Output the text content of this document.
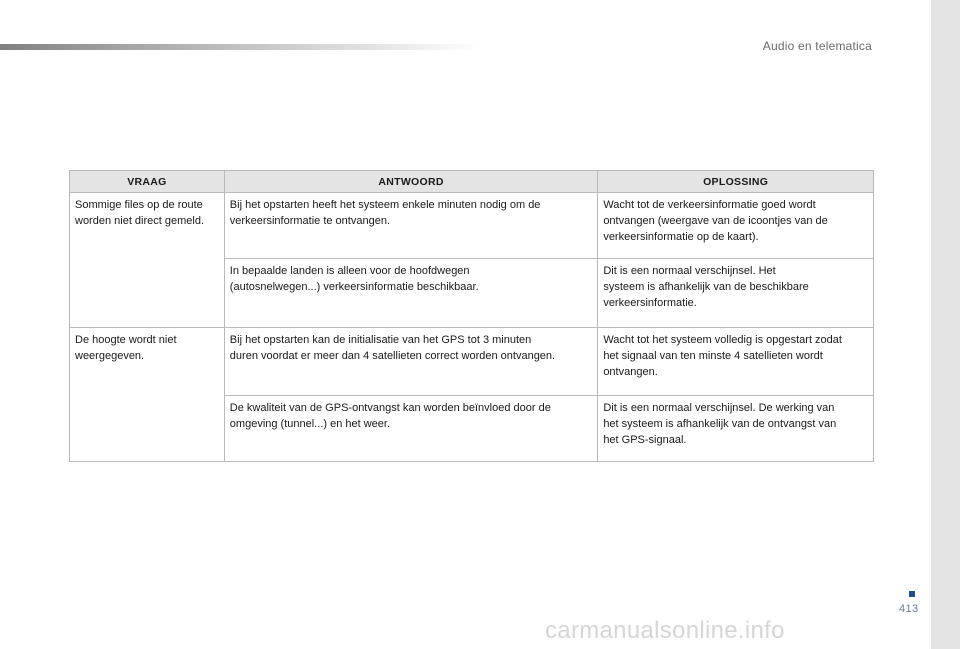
Audio en telematica
VRAAG	ANTWOORD	OPLOSSING

Sommige files op de route
worden niet direct gemeld.	Bij het opstarten heeft het systeem enkele minuten nodig om de
verkeersinformatie te ontvangen.	Wacht tot de verkeersinformatie goed wordt
ontvangen (weergave van de icoontjes van de
verkeersinformatie op de kaart).

	In bepaalde landen is alleen voor de hoofdwegen
(autosnelwegen...) verkeersinformatie beschikbaar.	Dit is een normaal verschijnsel. Het
systeem is afhankelijk van de beschikbare
verkeersinformatie.

De hoogte wordt niet
weergegeven.	Bij het opstarten kan de initialisatie van het GPS tot 3 minuten
duren voordat er meer dan 4 satellieten correct worden ontvangen.	Wacht tot het systeem volledig is opgestart zodat
het signaal van ten minste 4 satellieten wordt
ontvangen.

	De kwaliteit van de GPS-ontvangst kan worden beïnvloed door de
omgeving (tunnel...) en het weer.	Dit is een normaal verschijnsel. De werking van
het systeem is afhankelijk van de ontvangst van
het GPS-signaal.
413
carmanualsonline.info
